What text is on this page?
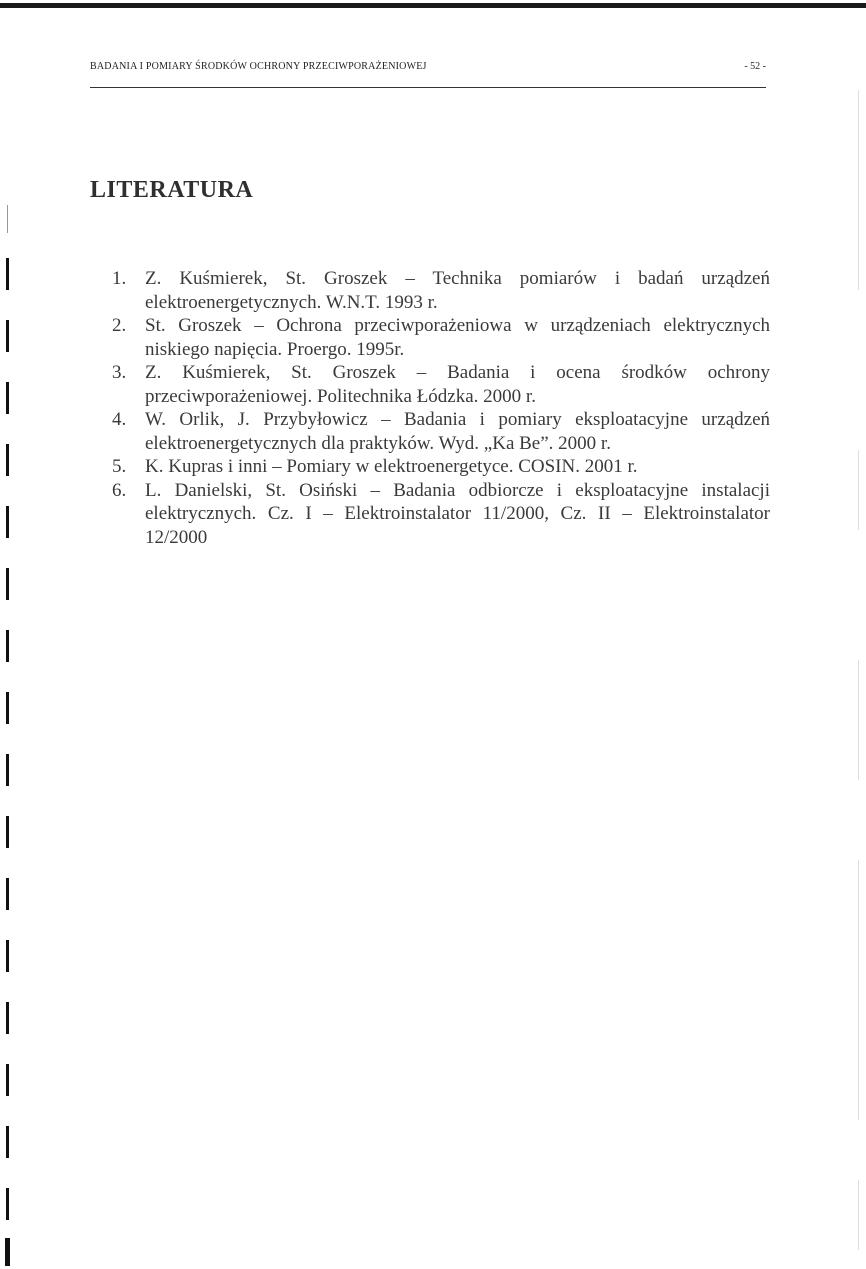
BADANIA I POMIARY ŚRODKÓW OCHRONY PRZECIWPORAŻENIOWEJ	- 52 -
LITERATURA
1. Z. Kuśmierek, St. Groszek – Technika pomiarów i badań urządzeń elektroenergetycznych. W.N.T. 1993 r.
2. St. Groszek – Ochrona przeciwporażeniowa w urządzeniach elektrycznych niskiego napięcia. Proergo. 1995r.
3. Z. Kuśmierek, St. Groszek – Badania i ocena środków ochrony przeciwporażeniowej. Politechnika Łódzka. 2000 r.
4. W. Orlik, J. Przybyłowicz – Badania i pomiary eksploatacyjne urządzeń elektroenergetycznych dla praktyków. Wyd. „Ka Be”. 2000 r.
5. K. Kupras i inni – Pomiary w elektroenergetyce. COSIN. 2001 r.
6. L. Danielski, St. Osiński – Badania odbiorcze i eksploatacyjne instalacji elektrycznych. Cz. I – Elektroinstalator 11/2000, Cz. II – Elektroinstalator 12/2000
